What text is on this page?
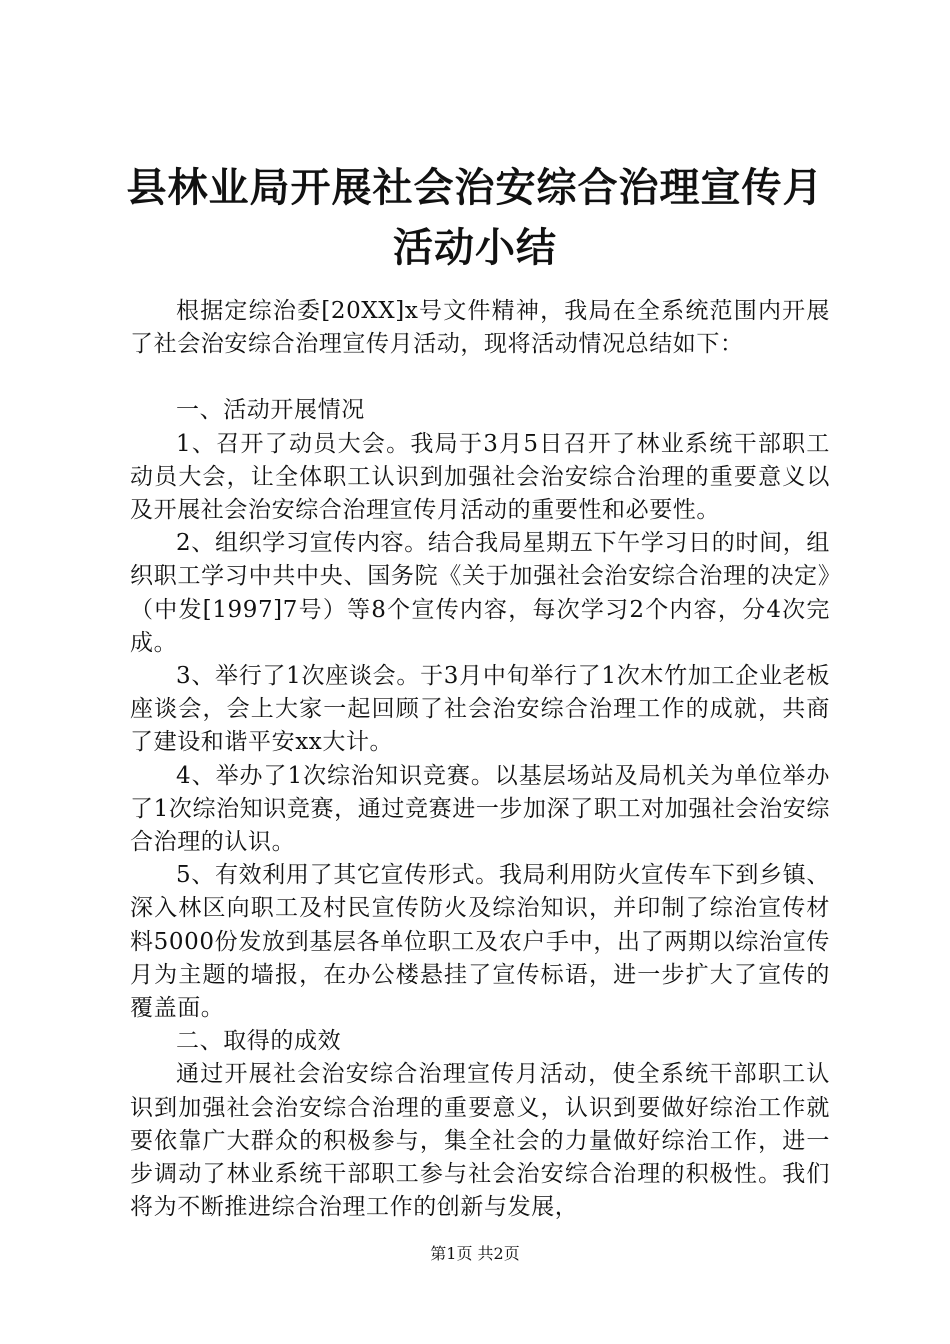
县林业局开展社会治安综合治理宣传月活动小结

根据定综治委[20XX]x号文件精神，我局在全系统范围内开展了社会治安综合治理宣传月活动，现将活动情况总结如下：

一、活动开展情况

1、召开了动员大会。我局于3月5日召开了林业系统干部职工动员大会，让全体职工认识到加强社会治安综合治理的重要意义以及开展社会治安综合治理宣传月活动的重要性和必要性。

2、组织学习宣传内容。结合我局星期五下午学习日的时间，组织职工学习中共中央、国务院《关于加强社会治安综合治理的决定》（中发[1997]7号）等8个宣传内容，每次学习2个内容，分4次完成。

3、举行了1次座谈会。于3月中旬举行了1次木竹加工企业老板座谈会，会上大家一起回顾了社会治安综合治理工作的成就，共商了建设和谐平安xx大计。

4、举办了1次综治知识竞赛。以基层场站及局机关为单位举办了1次综治知识竞赛，通过竞赛进一步加深了职工对加强社会治安综合治理的认识。

5、有效利用了其它宣传形式。我局利用防火宣传车下到乡镇、深入林区向职工及村民宣传防火及综治知识，并印制了综治宣传材料5000份发放到基层各单位职工及农户手中，出了两期以综治宣传月为主题的墙报，在办公楼悬挂了宣传标语，进一步扩大了宣传的覆盖面。

二、取得的成效

通过开展社会治安综合治理宣传月活动，使全系统干部职工认识到加强社会治安综合治理的重要意义，认识到要做好综治工作就要依靠广大群众的积极参与，集全社会的力量做好综治工作，进一步调动了林业系统干部职工参与社会治安综合治理的积极性。我们将为不断推进综合治理工作的创新与发展，

第1页 共2页
